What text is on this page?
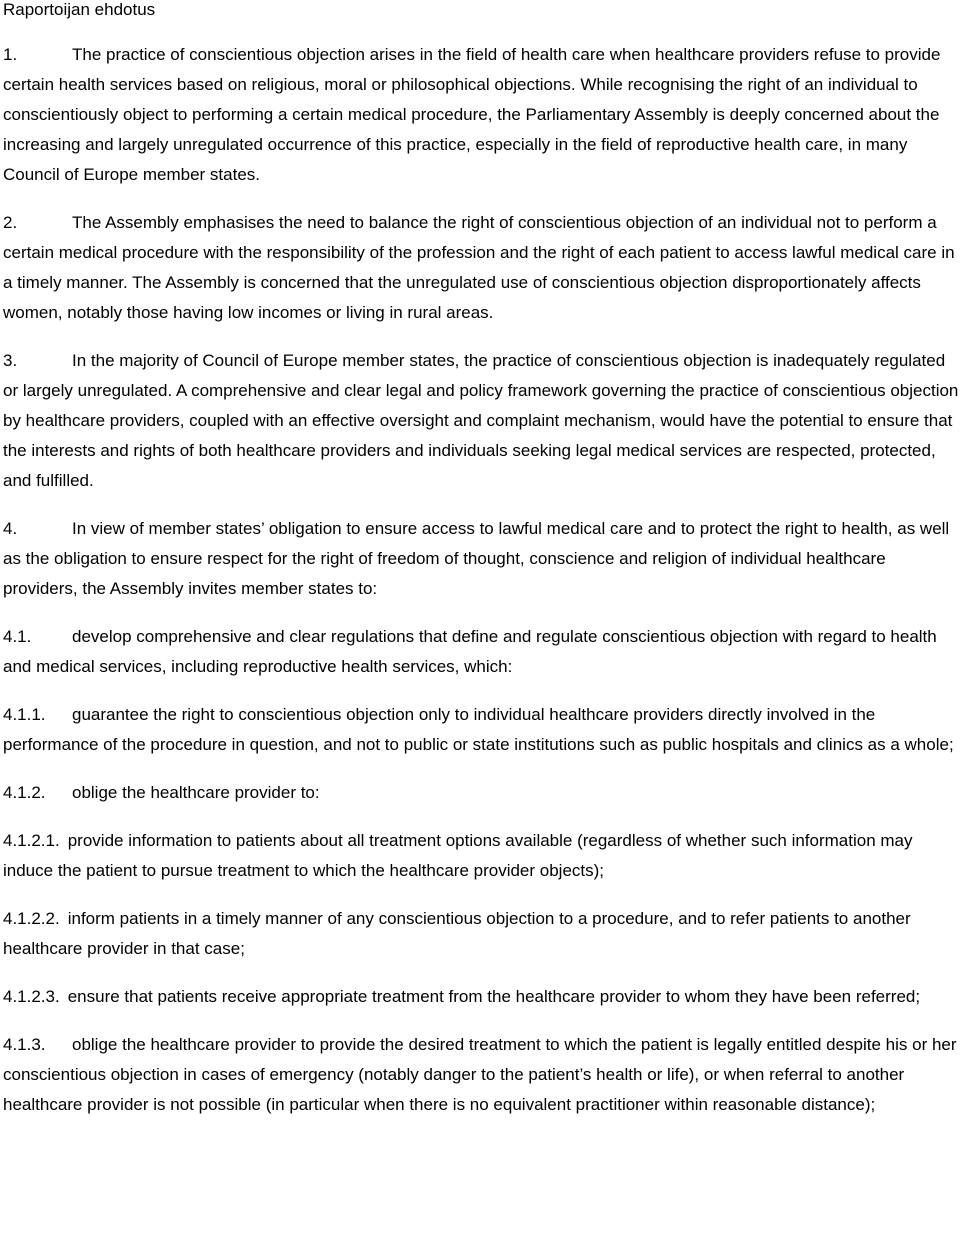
Raportoijan ehdotus

1.	The practice of conscientious objection arises in the field of health care when healthcare providers refuse to provide certain health services based on religious, moral or philosophical objections. While recognising the right of an individual to conscientiously object to performing a certain medical procedure, the Parliamentary Assembly is deeply concerned about the increasing and largely unregulated occurrence of this practice, especially in the field of reproductive health care, in many Council of Europe member states.

2.	The Assembly emphasises the need to balance the right of conscientious objection of an individual not to perform a certain medical procedure with the responsibility of the profession and the right of each patient to access lawful medical care in a timely manner. The Assembly is concerned that the unregulated use of conscientious objection disproportionately affects women, notably those having low incomes or living in rural areas.

3.	In the majority of Council of Europe member states, the practice of conscientious objection is inadequately regulated or largely unregulated. A comprehensive and clear legal and policy framework governing the practice of conscientious objection by healthcare providers, coupled with an effective oversight and complaint mechanism, would have the potential to ensure that the interests and rights of both healthcare providers and individuals seeking legal medical services are respected, protected, and fulfilled.

4.	In view of member states’ obligation to ensure access to lawful medical care and to protect the right to health, as well as the obligation to ensure respect for the right of freedom of thought, conscience and religion of individual healthcare providers, the Assembly invites member states to:

4.1. develop comprehensive and clear regulations that define and regulate conscientious objection with regard to health and medical services, including reproductive health services, which:

4.1.1. guarantee the right to conscientious objection only to individual healthcare providers directly involved in the performance of the procedure in question, and not to public or state institutions such as public hospitals and clinics as a whole;

4.1.2. oblige the healthcare provider to:

4.1.2.1. provide information to patients about all treatment options available (regardless of whether such information may induce the patient to pursue treatment to which the healthcare provider objects);

4.1.2.2. inform patients in a timely manner of any conscientious objection to a procedure, and to refer patients to another healthcare provider in that case;

4.1.2.3. ensure that patients receive appropriate treatment from the healthcare provider to whom they have been referred;

4.1.3. oblige the healthcare provider to provide the desired treatment to which the patient is legally entitled despite his or her conscientious objection in cases of emergency (notably danger to the patient’s health or life), or when referral to another healthcare provider is not possible (in particular when there is no equivalent practitioner within reasonable distance);
